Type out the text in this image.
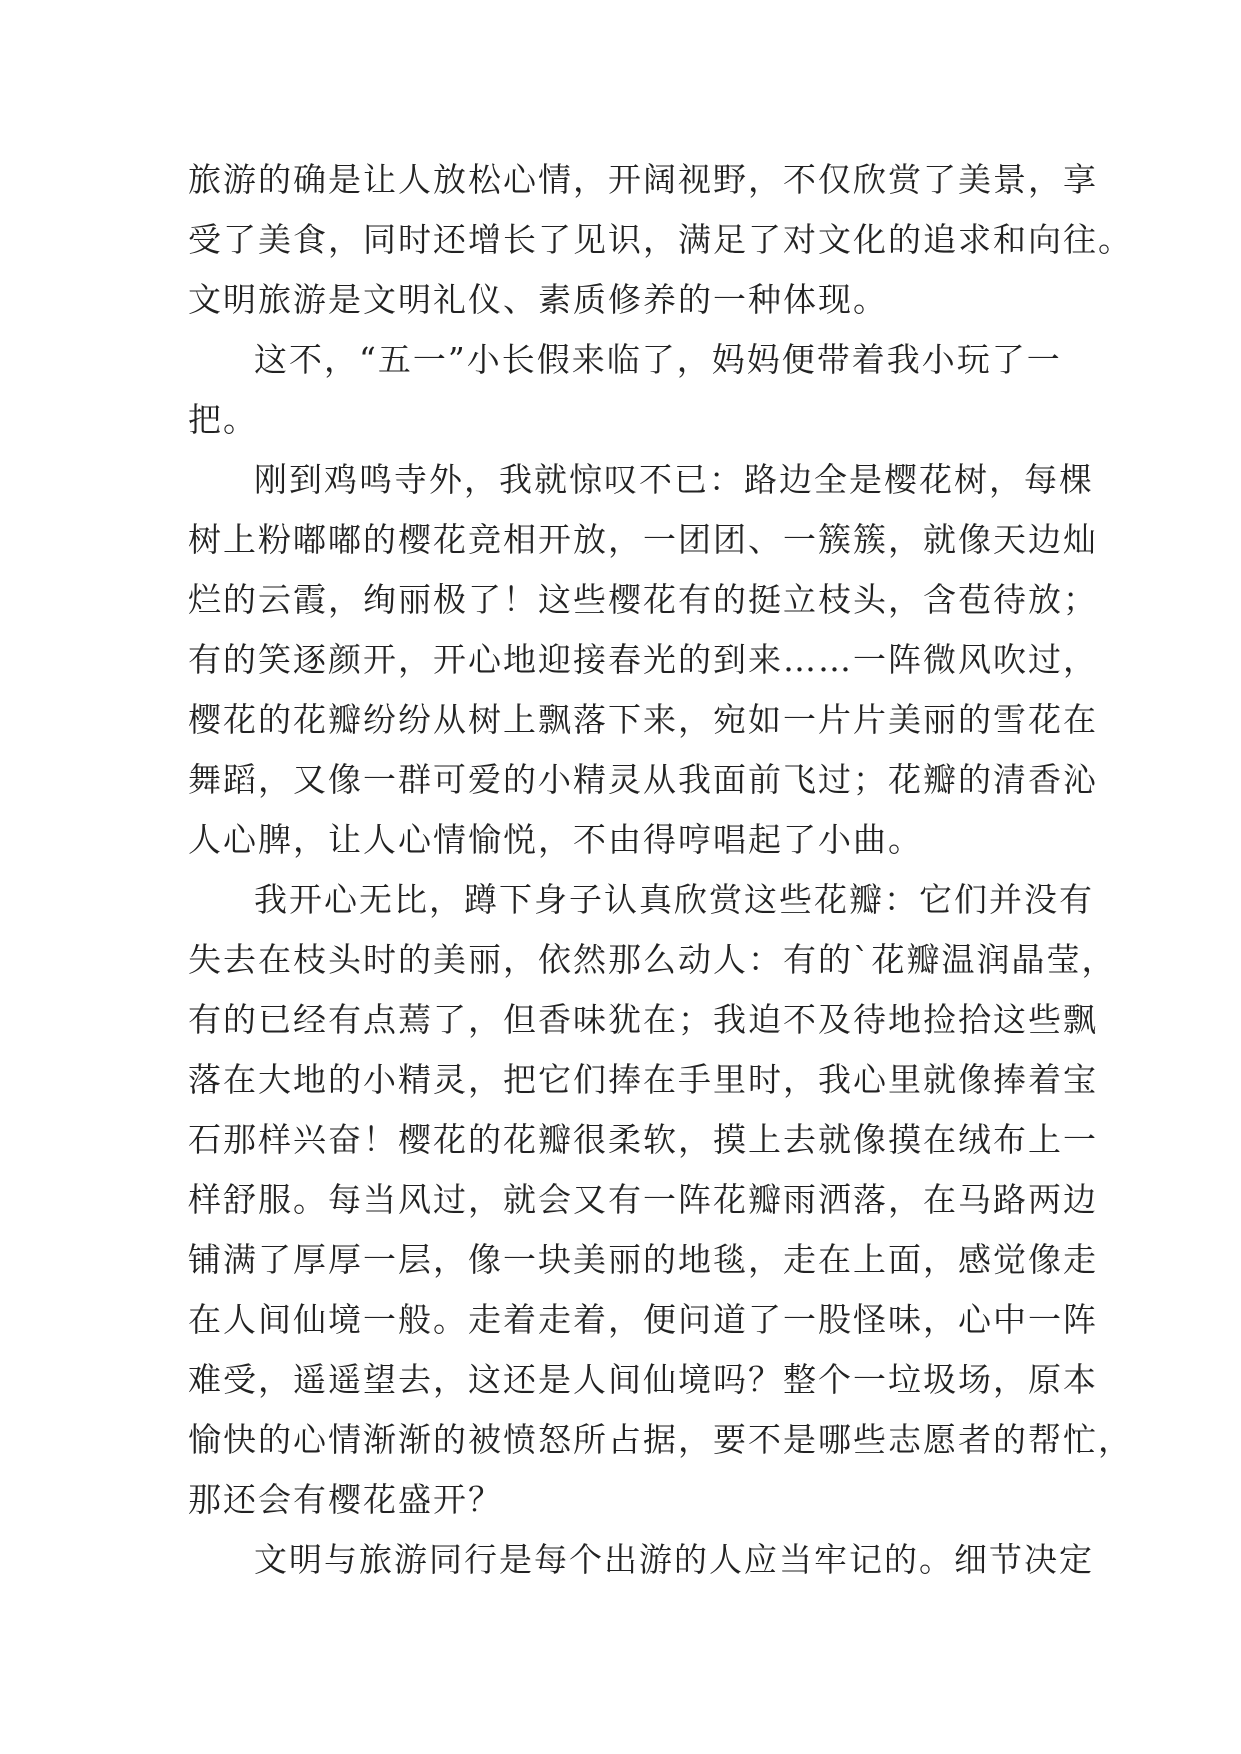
旅游的确是让人放松心情，开阔视野，不仅欣赏了美景，享
受了美食，同时还增长了见识，满足了对文化的追求和向往。
文明旅游是文明礼仪、素质修养的一种体现。
这不，“五一”小长假来临了，妈妈便带着我小玩了一
把。
刚到鸡鸣寺外，我就惊叹不已：路边全是樱花树，每棵
树上粉嘟嘟的樱花竞相开放，一团团、一簇簇，就像天边灿
烂的云霞，绚丽极了！这些樱花有的挺立枝头，含苞待放；
有的笑逐颜开，开心地迎接春光的到来……一阵微风吹过，
樱花的花瓣纷纷从树上飘落下来，宛如一片片美丽的雪花在
舞蹈，又像一群可爱的小精灵从我面前飞过；花瓣的清香沁
人心脾，让人心情愉悦，不由得哼唱起了小曲。
我开心无比，蹲下身子认真欣赏这些花瓣：它们并没有
失去在枝头时的美丽，依然那么动人：有的`花瓣温润晶莹，
有的已经有点蔫了，但香味犹在；我迫不及待地捡拾这些飘
落在大地的小精灵，把它们捧在手里时，我心里就像捧着宝
石那样兴奋！樱花的花瓣很柔软，摸上去就像摸在绒布上一
样舒服。每当风过，就会又有一阵花瓣雨洒落，在马路两边
铺满了厚厚一层，像一块美丽的地毯，走在上面，感觉像走
在人间仙境一般。走着走着，便问道了一股怪味，心中一阵
难受，遥遥望去，这还是人间仙境吗？整个一垃圾场，原本
愉快的心情渐渐的被愤怒所占据，要不是哪些志愿者的帮忙，
那还会有樱花盛开？
文明与旅游同行是每个出游的人应当牢记的。细节决定
